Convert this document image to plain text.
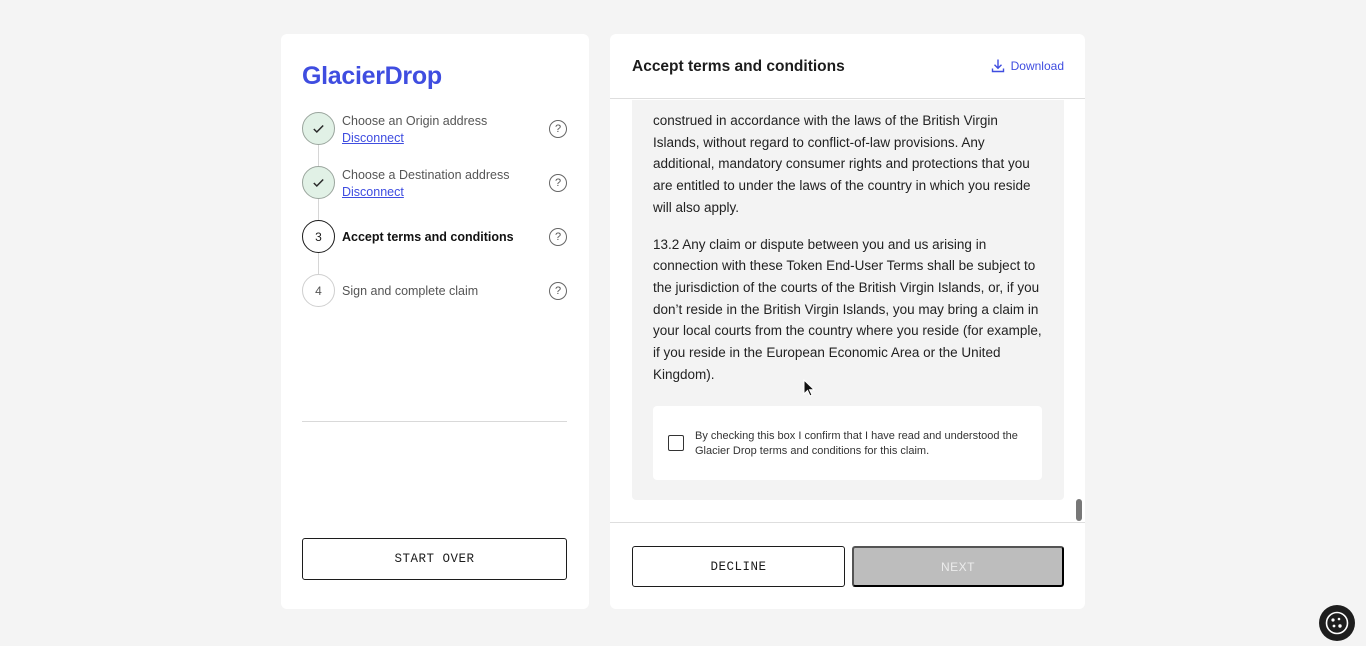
GlacierDrop
Choose an Origin address
Disconnect
?
Choose a Destination address
Disconnect
?
3	Accept terms and conditions	?
4	Sign and complete claim	?
START OVER
Accept terms and conditions	Download

construed in accordance with the laws of the British Virgin Islands, without regard to conflict-of-law provisions. Any additional, mandatory consumer rights and protections that you are entitled to under the laws of the country in which you reside will also apply.

13.2 Any claim or dispute between you and us arising in connection with these Token End-User Terms shall be subject to the jurisdiction of the courts of the British Virgin Islands, or, if you don’t reside in the British Virgin Islands, you may bring a claim in your local courts from the country where you reside (for example, if you reside in the European Economic Area or the United Kingdom).

By checking this box I confirm that I have read and understood the Glacier Drop terms and conditions for this claim.
DECLINE	NEXT
